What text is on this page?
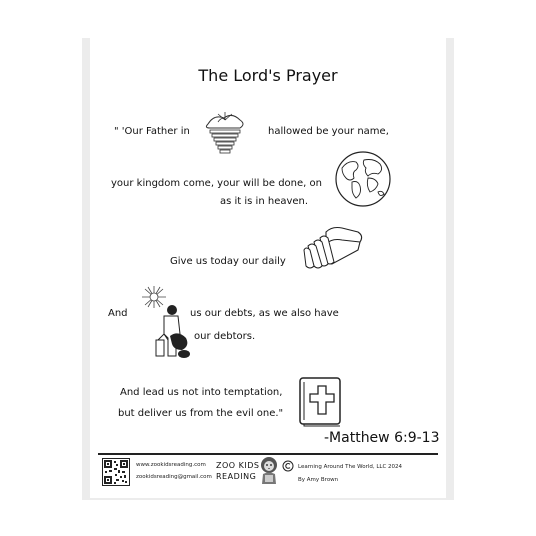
The Lord's Prayer
" 'Our Father in	hallowed be your name,
your kingdom come, your will be done, on
as it is in heaven.
Give us today our daily
And	us our debts, as we also have
our debtors.
And lead us not into temptation,
but deliver us from the evil one."
-Matthew 6:9-13
www.zookidsreading.com
zookidsreading@gmail.com
ZOO KIDS
READING
Learning Around The World, LLC 2024
By Amy Brown
